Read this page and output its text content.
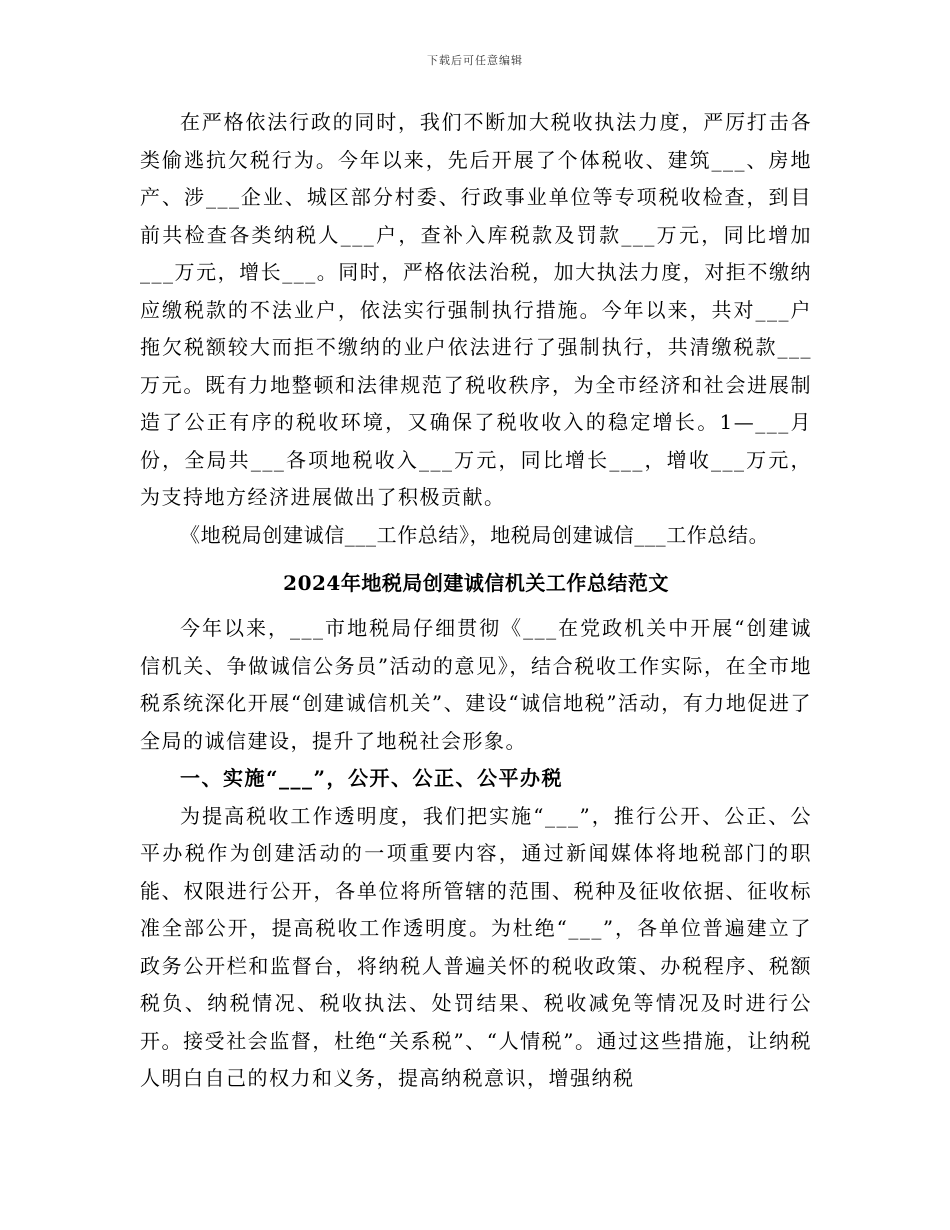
下载后可任意编辑

在严格依法行政的同时，我们不断加大税收执法力度，严厉打击各类偷逃抗欠税行为。今年以来，先后开展了个体税收、建筑___、房地产、涉___企业、城区部分村委、行政事业单位等专项税收检查，到目前共检查各类纳税人___户，查补入库税款及罚款___万元，同比增加___万元，增长___。同时，严格依法治税，加大执法力度，对拒不缴纳应缴税款的不法业户，依法实行强制执行措施。今年以来，共对___户拖欠税额较大而拒不缴纳的业户依法进行了强制执行，共清缴税款___万元。既有力地整顿和法律规范了税收秩序，为全市经济和社会进展制造了公正有序的税收环境，又确保了税收收入的稳定增长。1—___月份，全局共___各项地税收入___万元，同比增长___，增收___万元，为支持地方经济进展做出了积极贡献。

《地税局创建诚信___工作总结》，地税局创建诚信___工作总结。

2024年地税局创建诚信机关工作总结范文

今年以来，___市地税局仔细贯彻《___在党政机关中开展“创建诚信机关、争做诚信公务员”活动的意见》，结合税收工作实际，在全市地税系统深化开展“创建诚信机关”、建设“诚信地税”活动，有力地促进了全局的诚信建设，提升了地税社会形象。

一、实施“___”，公开、公正、公平办税

为提高税收工作透明度，我们把实施“___”，推行公开、公正、公平办税作为创建活动的一项重要内容，通过新闻媒体将地税部门的职能、权限进行公开，各单位将所管辖的范围、税种及征收依据、征收标准全部公开，提高税收工作透明度。为杜绝“___”，各单位普遍建立了政务公开栏和监督台，将纳税人普遍关怀的税收政策、办税程序、税额税负、纳税情况、税收执法、处罚结果、税收减免等情况及时进行公开。接受社会监督，杜绝“关系税”、“人情税”。通过这些措施，让纳税人明白自己的权力和义务，提高纳税意识，增强纳税
